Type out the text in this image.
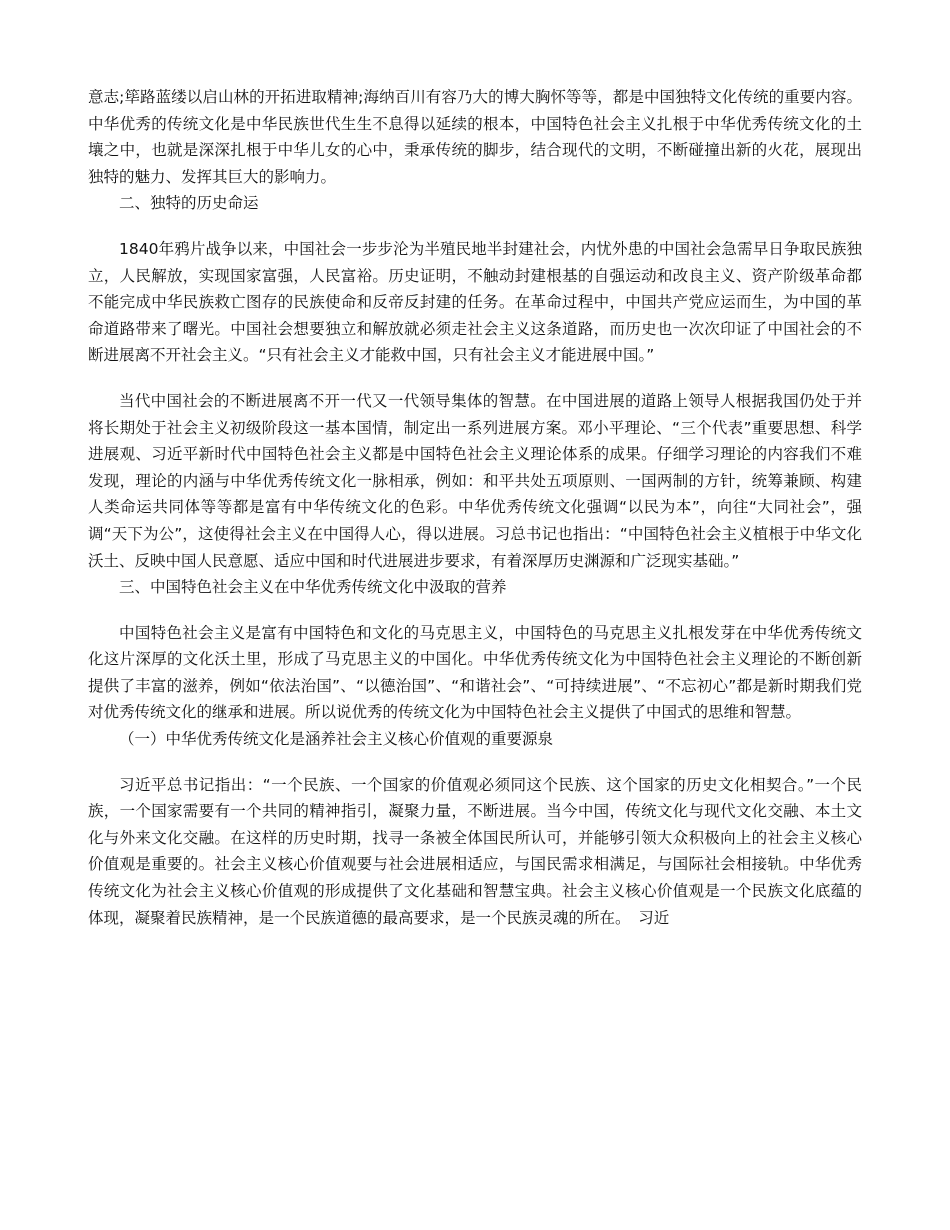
意志;筚路蓝缕以启山林的开拓进取精神;海纳百川有容乃大的博大胸怀等等，都是中国独特文化传统的重要内容。中华优秀的传统文化是中华民族世代生生不息得以延续的根本，中国特色社会主义扎根于中华优秀传统文化的土壤之中，也就是深深扎根于中华儿女的心中，秉承传统的脚步，结合现代的文明，不断碰撞出新的火花，展现出独特的魅力、发挥其巨大的影响力。

二、独特的历史命运

1840年鸦片战争以来，中国社会一步步沦为半殖民地半封建社会，内忧外患的中国社会急需早日争取民族独立，人民解放，实现国家富强，人民富裕。历史证明，不触动封建根基的自强运动和改良主义、资产阶级革命都不能完成中华民族救亡图存的民族使命和反帝反封建的任务。在革命过程中，中国共产党应运而生，为中国的革命道路带来了曙光。中国社会想要独立和解放就必须走社会主义这条道路，而历史也一次次印证了中国社会的不断进展离不开社会主义。“只有社会主义才能救中国，只有社会主义才能进展中国。”

当代中国社会的不断进展离不开一代又一代领导集体的智慧。在中国进展的道路上领导人根据我国仍处于并将长期处于社会主义初级阶段这一基本国情，制定出一系列进展方案。邓小平理论、“三个代表”重要思想、科学进展观、习近平新时代中国特色社会主义都是中国特色社会主义理论体系的成果。仔细学习理论的内容我们不难发现，理论的内涵与中华优秀传统文化一脉相承，例如：和平共处五项原则、一国两制的方针，统筹兼顾、构建人类命运共同体等等都是富有中华传统文化的色彩。中华优秀传统文化强调“以民为本”，向往“大同社会”，强调“天下为公”，这使得社会主义在中国得人心，得以进展。习总书记也指出：“中国特色社会主义植根于中华文化沃土、反映中国人民意愿、适应中国和时代进展进步要求，有着深厚历史渊源和广泛现实基础。”

三、中国特色社会主义在中华优秀传统文化中汲取的营养

中国特色社会主义是富有中国特色和文化的马克思主义，中国特色的马克思主义扎根发芽在中华优秀传统文化这片深厚的文化沃土里，形成了马克思主义的中国化。中华优秀传统文化为中国特色社会主义理论的不断创新提供了丰富的滋养，例如“依法治国”、“以德治国”、“和谐社会”、“可持续进展”、“不忘初心”都是新时期我们党对优秀传统文化的继承和进展。所以说优秀的传统文化为中国特色社会主义提供了中国式的思维和智慧。

（一）中华优秀传统文化是涵养社会主义核心价值观的重要源泉

习近平总书记指出：“一个民族、一个国家的价值观必须同这个民族、这个国家的历史文化相契合。”一个民族，一个国家需要有一个共同的精神指引，凝聚力量，不断进展。当今中国，传统文化与现代文化交融、本土文化与外来文化交融。在这样的历史时期，找寻一条被全体国民所认可，并能够引领大众积极向上的社会主义核心价值观是重要的。社会主义核心价值观要与社会进展相适应，与国民需求相满足，与国际社会相接轨。中华优秀传统文化为社会主义核心价值观的形成提供了文化基础和智慧宝典。社会主义核心价值观是一个民族文化底蕴的体现，凝聚着民族精神，是一个民族道德的最高要求，是一个民族灵魂的所在。　习近
